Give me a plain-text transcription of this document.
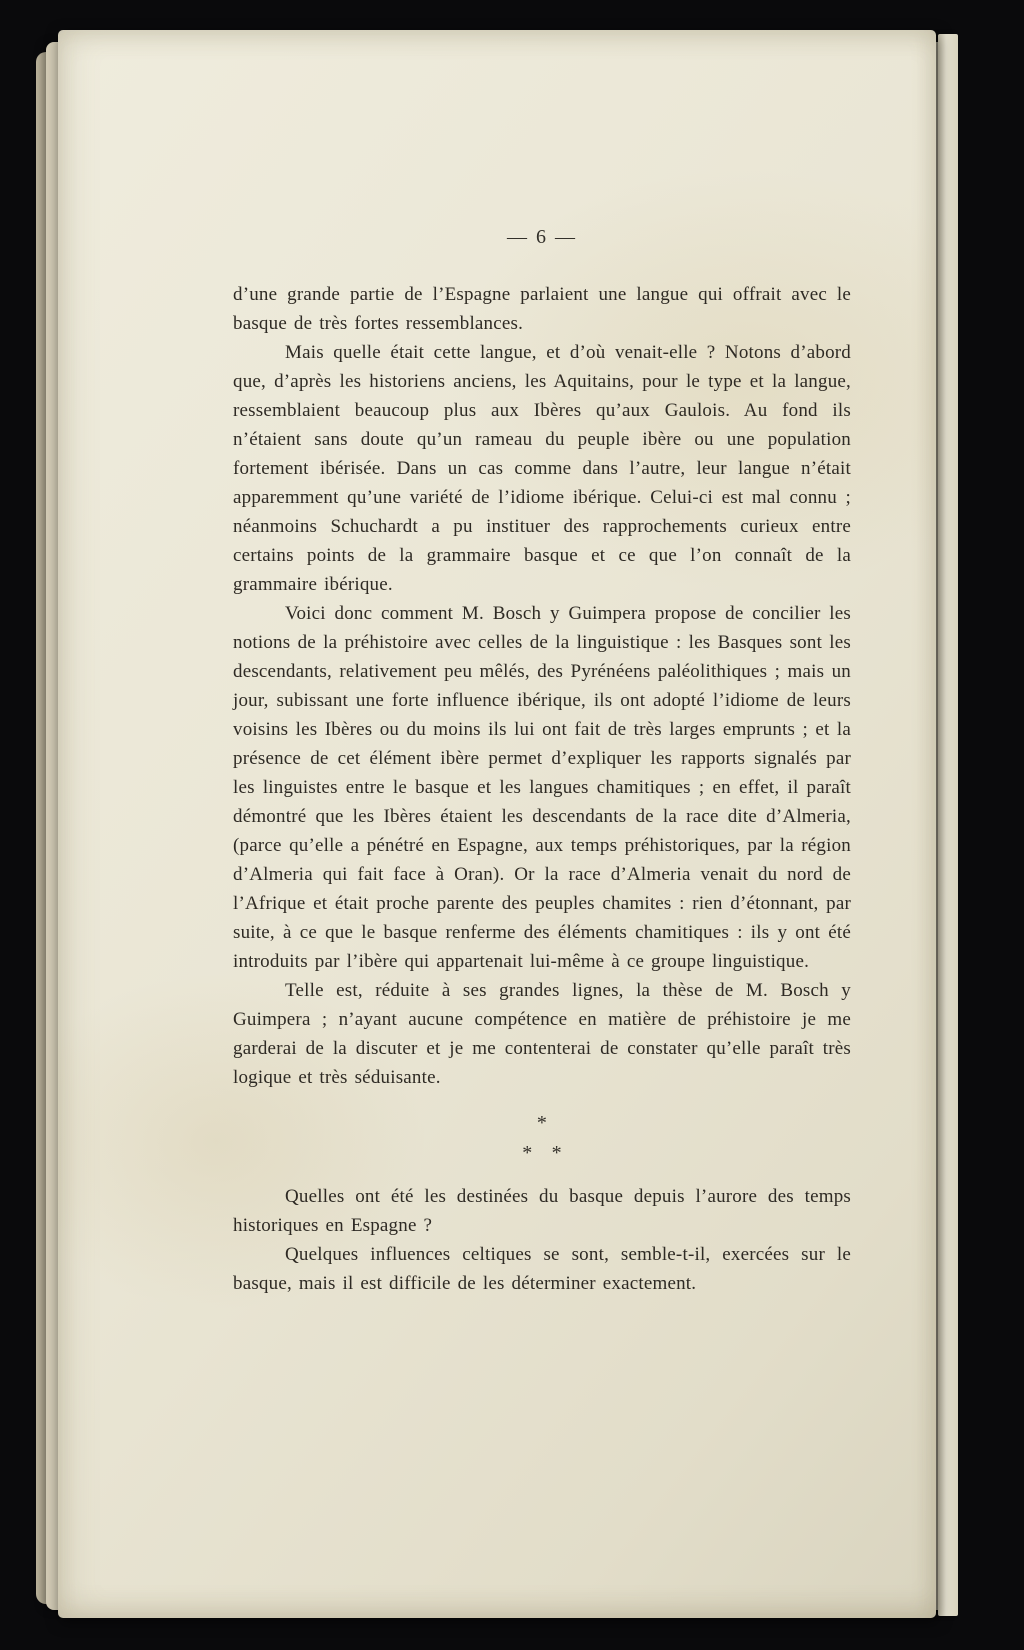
— 6 —

d’une grande partie de l’Espagne parlaient une langue qui offrait avec le basque de très fortes ressemblances.

Mais quelle était cette langue, et d’où venait-elle ? Notons d’abord que, d’après les historiens anciens, les Aquitains, pour le type et la langue, ressemblaient beaucoup plus aux Ibères qu’aux Gaulois. Au fond ils n’étaient sans doute qu’un rameau du peuple ibère ou une population fortement ibérisée. Dans un cas comme dans l’autre, leur langue n’était apparemment qu’une variété de l’idiome ibérique. Celui-ci est mal connu ; néanmoins Schuchardt a pu instituer des rapprochements curieux entre certains points de la grammaire basque et ce que l’on connaît de la grammaire ibérique.

Voici donc comment M. Bosch y Guimpera propose de concilier les notions de la préhistoire avec celles de la linguistique : les Basques sont les descendants, relativement peu mêlés, des Pyrénéens paléolithiques ; mais un jour, subissant une forte influence ibérique, ils ont adopté l’idiome de leurs voisins les Ibères ou du moins ils lui ont fait de très larges emprunts ; et la présence de cet élément ibère permet d’expliquer les rapports signalés par les linguistes entre le basque et les langues chamitiques ; en effet, il paraît démontré que les Ibères étaient les descendants de la race dite d’Almeria, (parce qu’elle a pénétré en Espagne, aux temps préhistoriques, par la région d’Almeria qui fait face à Oran). Or la race d’Almeria venait du nord de l’Afrique et était proche parente des peuples chamites : rien d’étonnant, par suite, à ce que le basque renferme des éléments chamitiques : ils y ont été introduits par l’ibère qui appartenait lui-même à ce groupe linguistique.

Telle est, réduite à ses grandes lignes, la thèse de M. Bosch y Guimpera ; n’ayant aucune compétence en matière de préhistoire je me garderai de la discuter et je me contenterai de constater qu’elle paraît très logique et très séduisante.

*
* *

Quelles ont été les destinées du basque depuis l’aurore des temps historiques en Espagne ?

Quelques influences celtiques se sont, semble-t-il, exercées sur le basque, mais il est difficile de les déterminer exactement.
